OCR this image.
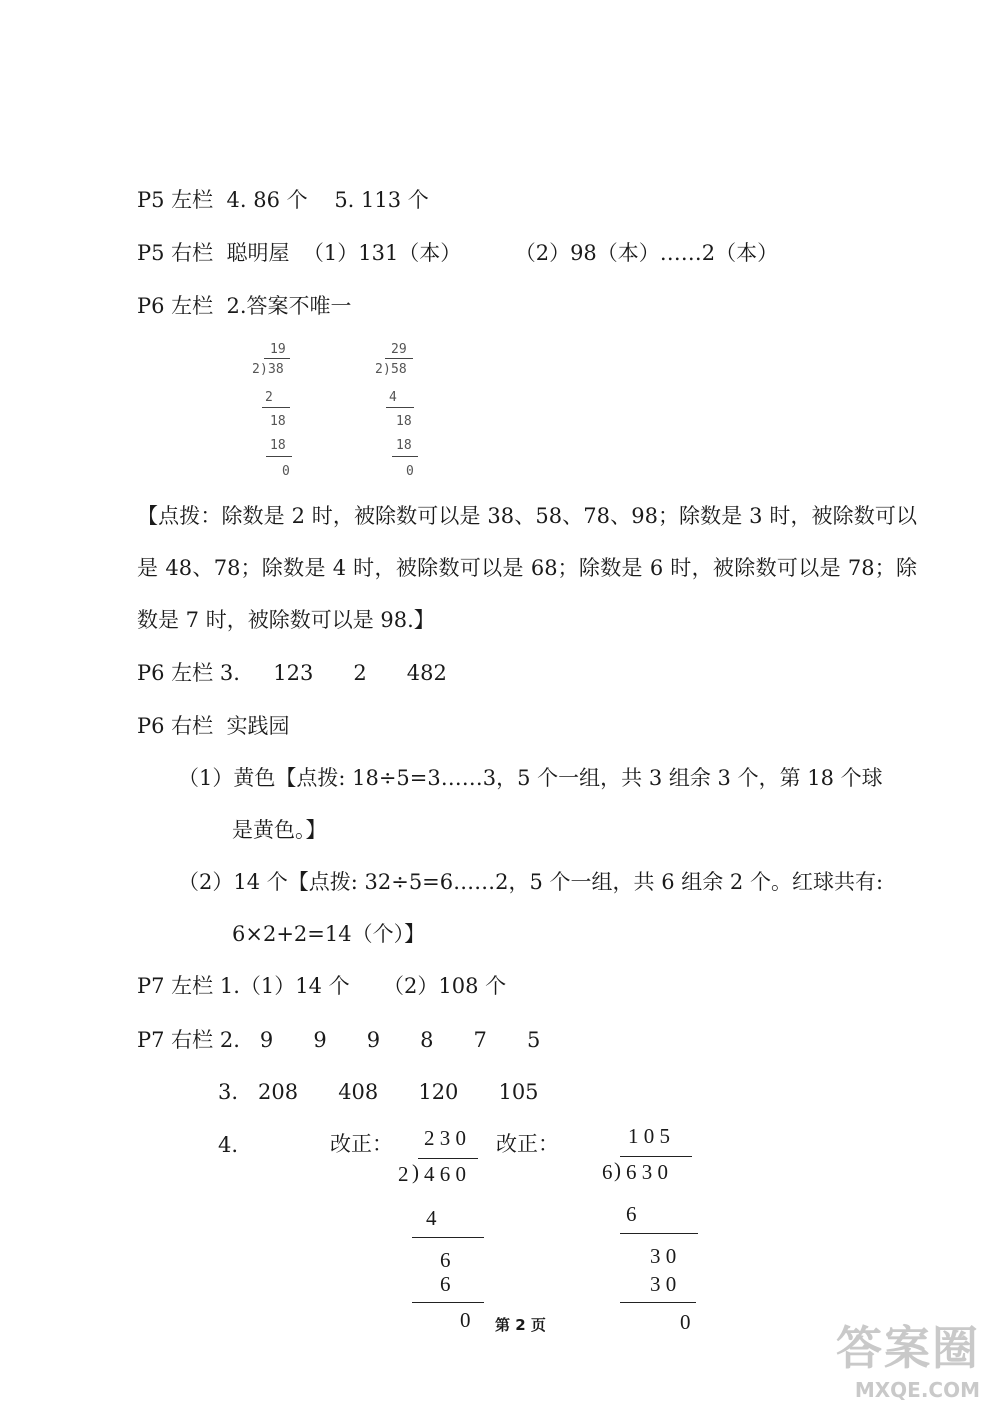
P5 左栏  4. 86 个    5. 113 个
P5 右栏  聪明屋  （1）131（本）        （2）98（本）……2（本）
P6 左栏  2.答案不唯一
19
2 ) 38
2
18
18
0
29
2 ) 58
4
18
18
0
【点拨：除数是 2 时，被除数可以是 38、58、78、98；除数是 3 时，被除数可以是 48、78；除数是 4 时，被除数可以是 68；除数是 6 时，被除数可以是 78；除数是 7 时，被除数可以是 98.】
P6 左栏 3.     123      2      482
P6 右栏  实践园
（1）黄色【点拨: 18÷5=3……3，5 个一组，共 3 组余 3 个，第 18 个球
是黄色。】
（2）14 个【点拨: 32÷5=6……2，5 个一组，共 6 组余 2 个。红球共有:
6×2+2=14（个）】
P7 左栏 1.（1）14 个     （2）108 个
P7 右栏 2.   9      9      9      8      7      5
3.   208      408      120      105
4.	改正： 2 3 0
2 ) 4 6 0
4
6
6
0
改正：	1 0 5
6 ) 6 3 0
6
3 0
3 0
0
第 2 页	答案圈
MXQE.COM
